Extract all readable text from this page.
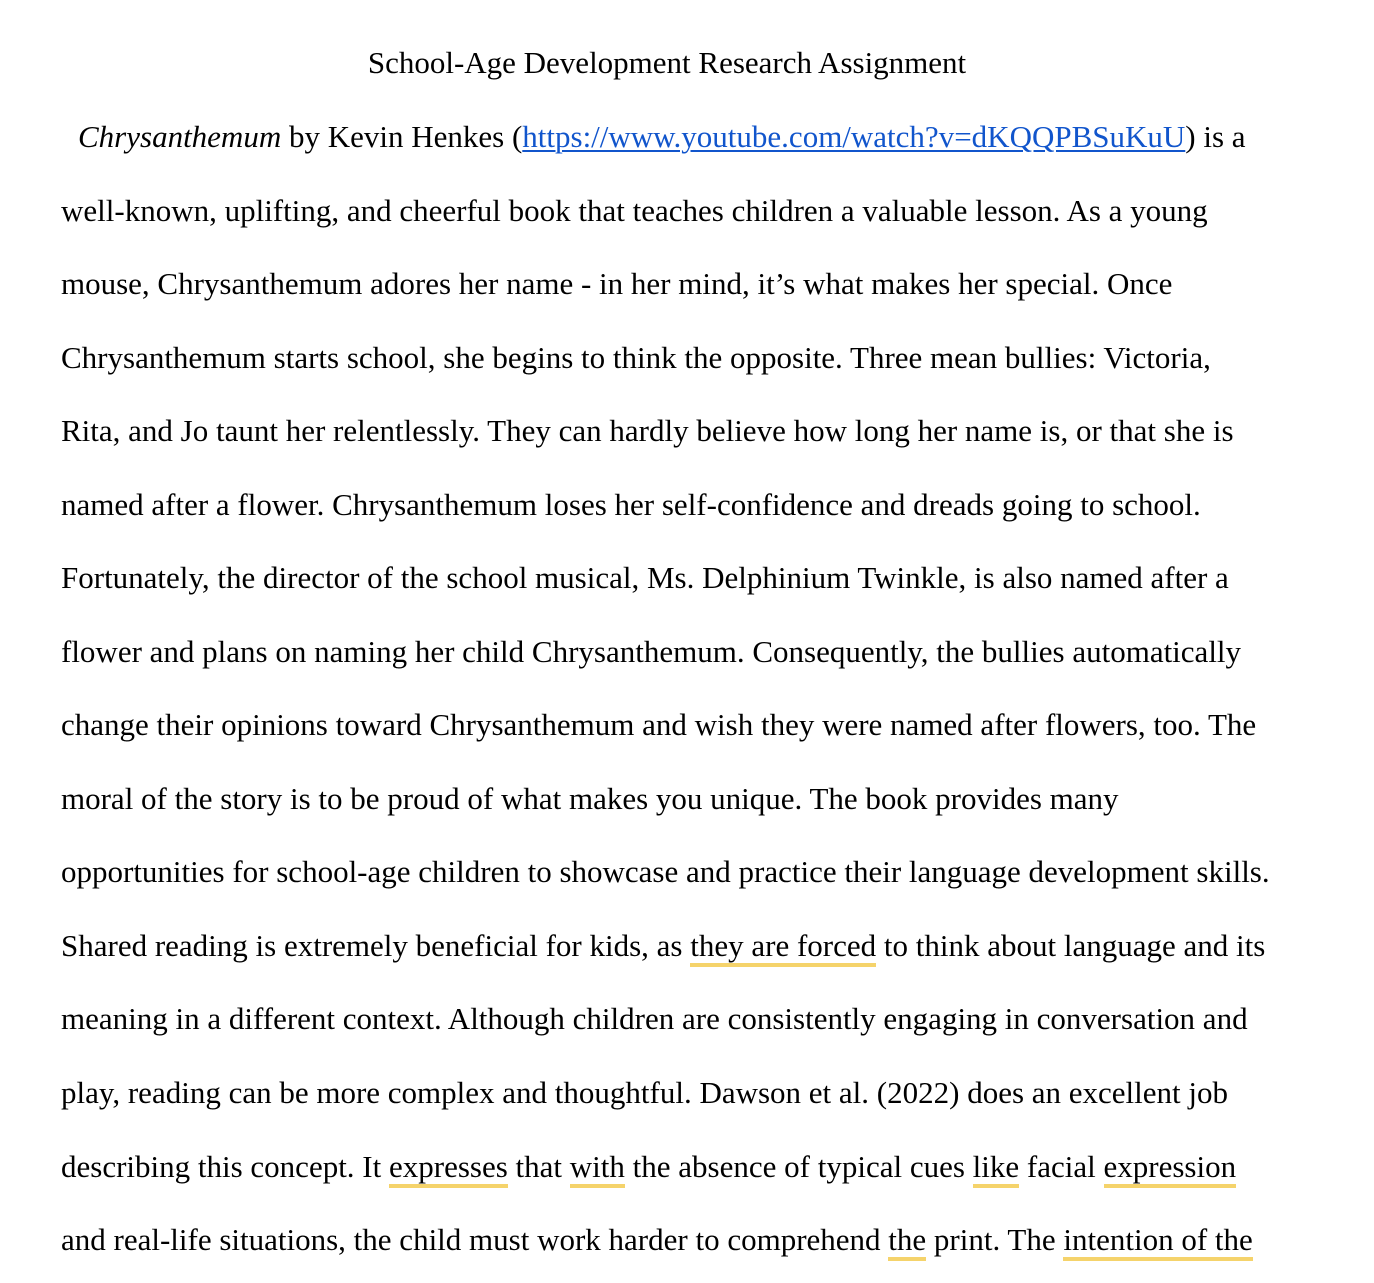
School-Age Development Research Assignment
Chrysanthemum by Kevin Henkes (https://www.youtube.com/watch?v=dKQQPBSuKuU) is a
well-known, uplifting, and cheerful book that teaches children a valuable lesson. As a young
mouse, Chrysanthemum adores her name - in her mind, it’s what makes her special. Once
Chrysanthemum starts school, she begins to think the opposite. Three mean bullies: Victoria,
Rita, and Jo taunt her relentlessly. They can hardly believe how long her name is, or that she is
named after a flower. Chrysanthemum loses her self-confidence and dreads going to school.
Fortunately, the director of the school musical, Ms. Delphinium Twinkle, is also named after a
flower and plans on naming her child Chrysanthemum. Consequently, the bullies automatically
change their opinions toward Chrysanthemum and wish they were named after flowers, too. The
moral of the story is to be proud of what makes you unique. The book provides many
opportunities for school-age children to showcase and practice their language development skills.
Shared reading is extremely beneficial for kids, as they are forced to think about language and its
meaning in a different context. Although children are consistently engaging in conversation and
play, reading can be more complex and thoughtful. Dawson et al. (2022) does an excellent job
describing this concept. It expresses that with the absence of typical cues like facial expression
and real-life situations, the child must work harder to comprehend the print. The intention of the
